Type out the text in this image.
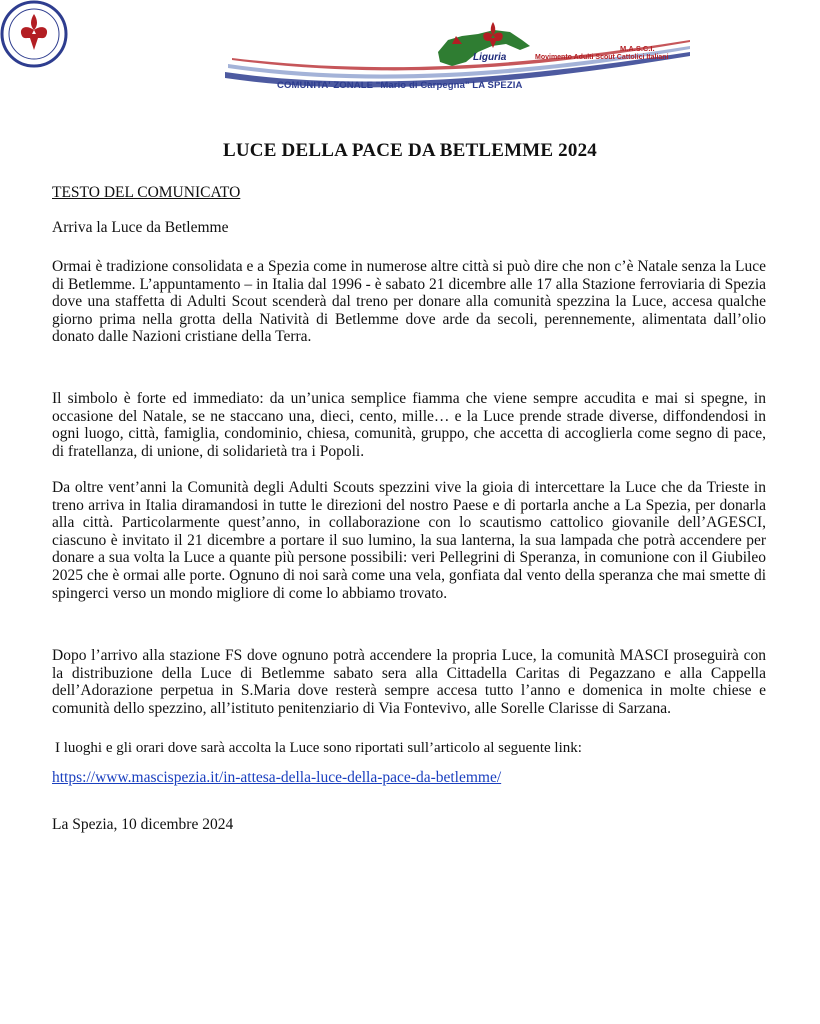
Liguria
M.A.S.C.I.
Movimento Adulti Scout Cattolici Italiani
COMUNITA' ZONALE "Mario di Carpegna" LA SPEZIA
LUCE DELLA PACE DA BETLEMME 2024

TESTO DEL COMUNICATO

Arriva la Luce da Betlemme

Ormai è tradizione consolidata e a Spezia come in numerose altre città si può dire che non c’è Natale senza la Luce di Betlemme. L’appuntamento – in Italia dal 1996 - è sabato 21 dicembre alle 17 alla Stazione ferroviaria di Spezia dove una staffetta di Adulti Scout scenderà dal treno per donare alla comunità spezzina la Luce, accesa qualche giorno prima nella grotta della Natività di Betlemme dove arde da secoli, perennemente, alimentata dall’olio donato dalle Nazioni cristiane della Terra.

Il simbolo è forte ed immediato: da un’unica semplice fiamma che viene sempre accudita e mai si spegne, in occasione del Natale, se ne staccano una, dieci, cento, mille… e la Luce prende strade diverse, diffondendosi in ogni luogo, città, famiglia, condominio, chiesa, comunità, gruppo, che accetta di accoglierla come segno di pace, di fratellanza, di unione, di solidarietà tra i Popoli.

Da oltre vent’anni la Comunità degli Adulti Scouts spezzini vive la gioia di intercettare la Luce che da Trieste in treno arriva in Italia diramandosi in tutte le direzioni del nostro Paese e di portarla anche a La Spezia, per donarla alla città. Particolarmente quest’anno, in collaborazione con lo scautismo cattolico giovanile dell’AGESCI, ciascuno è invitato il 21 dicembre a portare il suo lumino, la sua lanterna, la sua lampada che potrà accendere per donare a sua volta la Luce a quante più persone possibili: veri Pellegrini di Speranza, in comunione con il Giubileo 2025 che è ormai alle porte. Ognuno di noi sarà come una vela, gonfiata dal vento della speranza che mai smette di spingerci verso un mondo migliore di come lo abbiamo trovato.

Dopo l’arrivo alla stazione FS dove ognuno potrà accendere la propria Luce, la comunità MASCI proseguirà con la distribuzione della Luce di Betlemme sabato sera alla Cittadella Caritas di Pegazzano e alla Cappella dell’Adorazione perpetua in S.Maria dove resterà sempre accesa tutto l’anno e domenica in molte chiese e comunità dello spezzino, all’istituto penitenziario di Via Fontevivo, alle Sorelle Clarisse di Sarzana.

I luoghi e gli orari dove sarà accolta la Luce sono riportati sull’articolo al seguente link:

https://www.mascispezia.it/in-attesa-della-luce-della-pace-da-betlemme/

La Spezia, 10 dicembre 2024
